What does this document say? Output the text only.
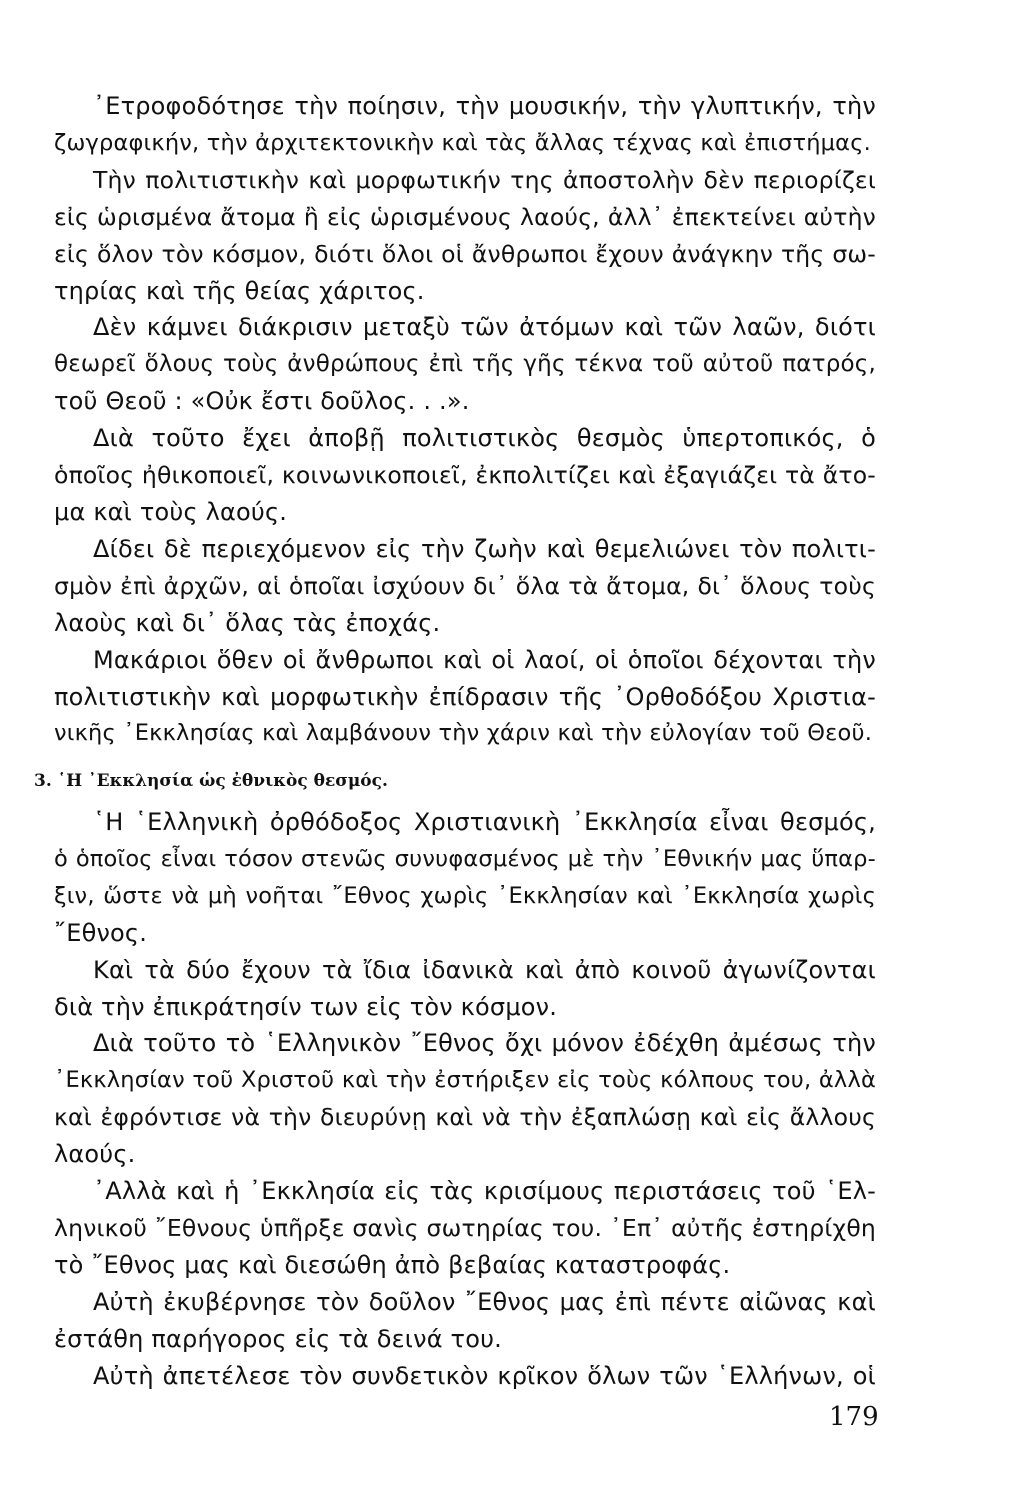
᾿Ετροφοδότησε τὴν ποίησιν, τὴν μουσικήν, τὴν γλυπτικήν, τὴν
ζωγραφικήν, τὴν ἀρχιτεκτονικὴν καὶ τὰς ἄλλας τέχνας καὶ ἐπιστήμας.
Τὴν πολιτιστικὴν καὶ μορφωτικήν της ἀποστολὴν δὲν περιορίζει
εἰς ὡρισμένα ἄτομα ἢ εἰς ὡρισμένους λαούς, ἀλλ᾿ ἐπεκτείνει αὐτὴν
εἰς ὅλον τὸν κόσμον, διότι ὅλοι οἱ ἄνθρωποι ἔχουν ἀνάγκην τῆς σω-
τηρίας καὶ τῆς θείας χάριτος.
Δὲν κάμνει διάκρισιν μεταξὺ τῶν ἀτόμων καὶ τῶν λαῶν, διότι
θεωρεῖ ὅλους τοὺς ἀνθρώπους ἐπὶ τῆς γῆς τέκνα τοῦ αὐτοῦ πατρός,
τοῦ Θεοῦ : «Οὐκ ἔστι δοῦλος. . .».
Διὰ τοῦτο ἔχει ἀποβῇ πολιτιστικὸς θεσμὸς ὑπερτοπικός, ὁ
ὁποῖος ἠθικοποιεῖ, κοινωνικοποιεῖ, ἐκπολιτίζει καὶ ἐξαγιάζει τὰ ἄτο-
μα καὶ τοὺς λαούς.
Δίδει δὲ περιεχόμενον εἰς τὴν ζωὴν καὶ θεμελιώνει τὸν πολιτι-
σμὸν ἐπὶ ἀρχῶν, αἱ ὁποῖαι ἰσχύουν δι᾿ ὅλα τὰ ἄτομα, δι᾿ ὅλους τοὺς
λαοὺς καὶ δι᾿ ὅλας τὰς ἐποχάς.
Μακάριοι ὅθεν οἱ ἄνθρωποι καὶ οἱ λαοί, οἱ ὁποῖοι δέχονται τὴν
πολιτιστικὴν καὶ μορφωτικὴν ἐπίδρασιν τῆς ᾿Ορθοδόξου Χριστια-
νικῆς ᾿Εκκλησίας καὶ λαμβάνουν τὴν χάριν καὶ τὴν εὐλογίαν τοῦ Θεοῦ.
3. ῾Η ᾿Εκκλησία ὡς ἐθνικὸς θεσμός.
῾Η ῾Ελληνικὴ ὀρθόδοξος Χριστιανικὴ ᾿Εκκλησία εἶναι θεσμός,
ὁ ὁποῖος εἶναι τόσον στενῶς συνυφασμένος μὲ τὴν ᾿Εθνικήν μας ὕπαρ-
ξιν, ὥστε νὰ μὴ νοῆται ῎Εθνος χωρὶς ᾿Εκκλησίαν καὶ ᾿Εκκλησία χωρὶς
῎Εθνος.
Καὶ τὰ δύο ἔχουν τὰ ἴδια ἰδανικὰ καὶ ἀπὸ κοινοῦ ἀγωνίζονται
διὰ τὴν ἐπικράτησίν των εἰς τὸν κόσμον.
Διὰ τοῦτο τὸ ῾Ελληνικὸν ῎Εθνος ὄχι μόνον ἐδέχθη ἀμέσως τὴν
᾿Εκκλησίαν τοῦ Χριστοῦ καὶ τὴν ἐστήριξεν εἰς τοὺς κόλπους του, ἀλλὰ
καὶ ἐφρόντισε νὰ τὴν διευρύνῃ καὶ νὰ τὴν ἐξαπλώσῃ καὶ εἰς ἄλλους
λαούς.
᾿Αλλὰ καὶ ἡ ᾿Εκκλησία εἰς τὰς κρισίμους περιστάσεις τοῦ ῾Ελ-
ληνικοῦ ῎Εθνους ὑπῆρξε σανὶς σωτηρίας του. ᾿Επ᾿ αὐτῆς ἐστηρίχθη
τὸ ῎Εθνος μας καὶ διεσώθη ἀπὸ βεβαίας καταστροφάς.
Αὐτὴ ἐκυβέρνησε τὸν δοῦλον ῎Εθνος μας ἐπὶ πέντε αἰῶνας καὶ
ἐστάθη παρήγορος εἰς τὰ δεινά του.
Αὐτὴ ἀπετέλεσε τὸν συνδετικὸν κρῖκον ὅλων τῶν ῾Ελλήνων, οἱ
179
